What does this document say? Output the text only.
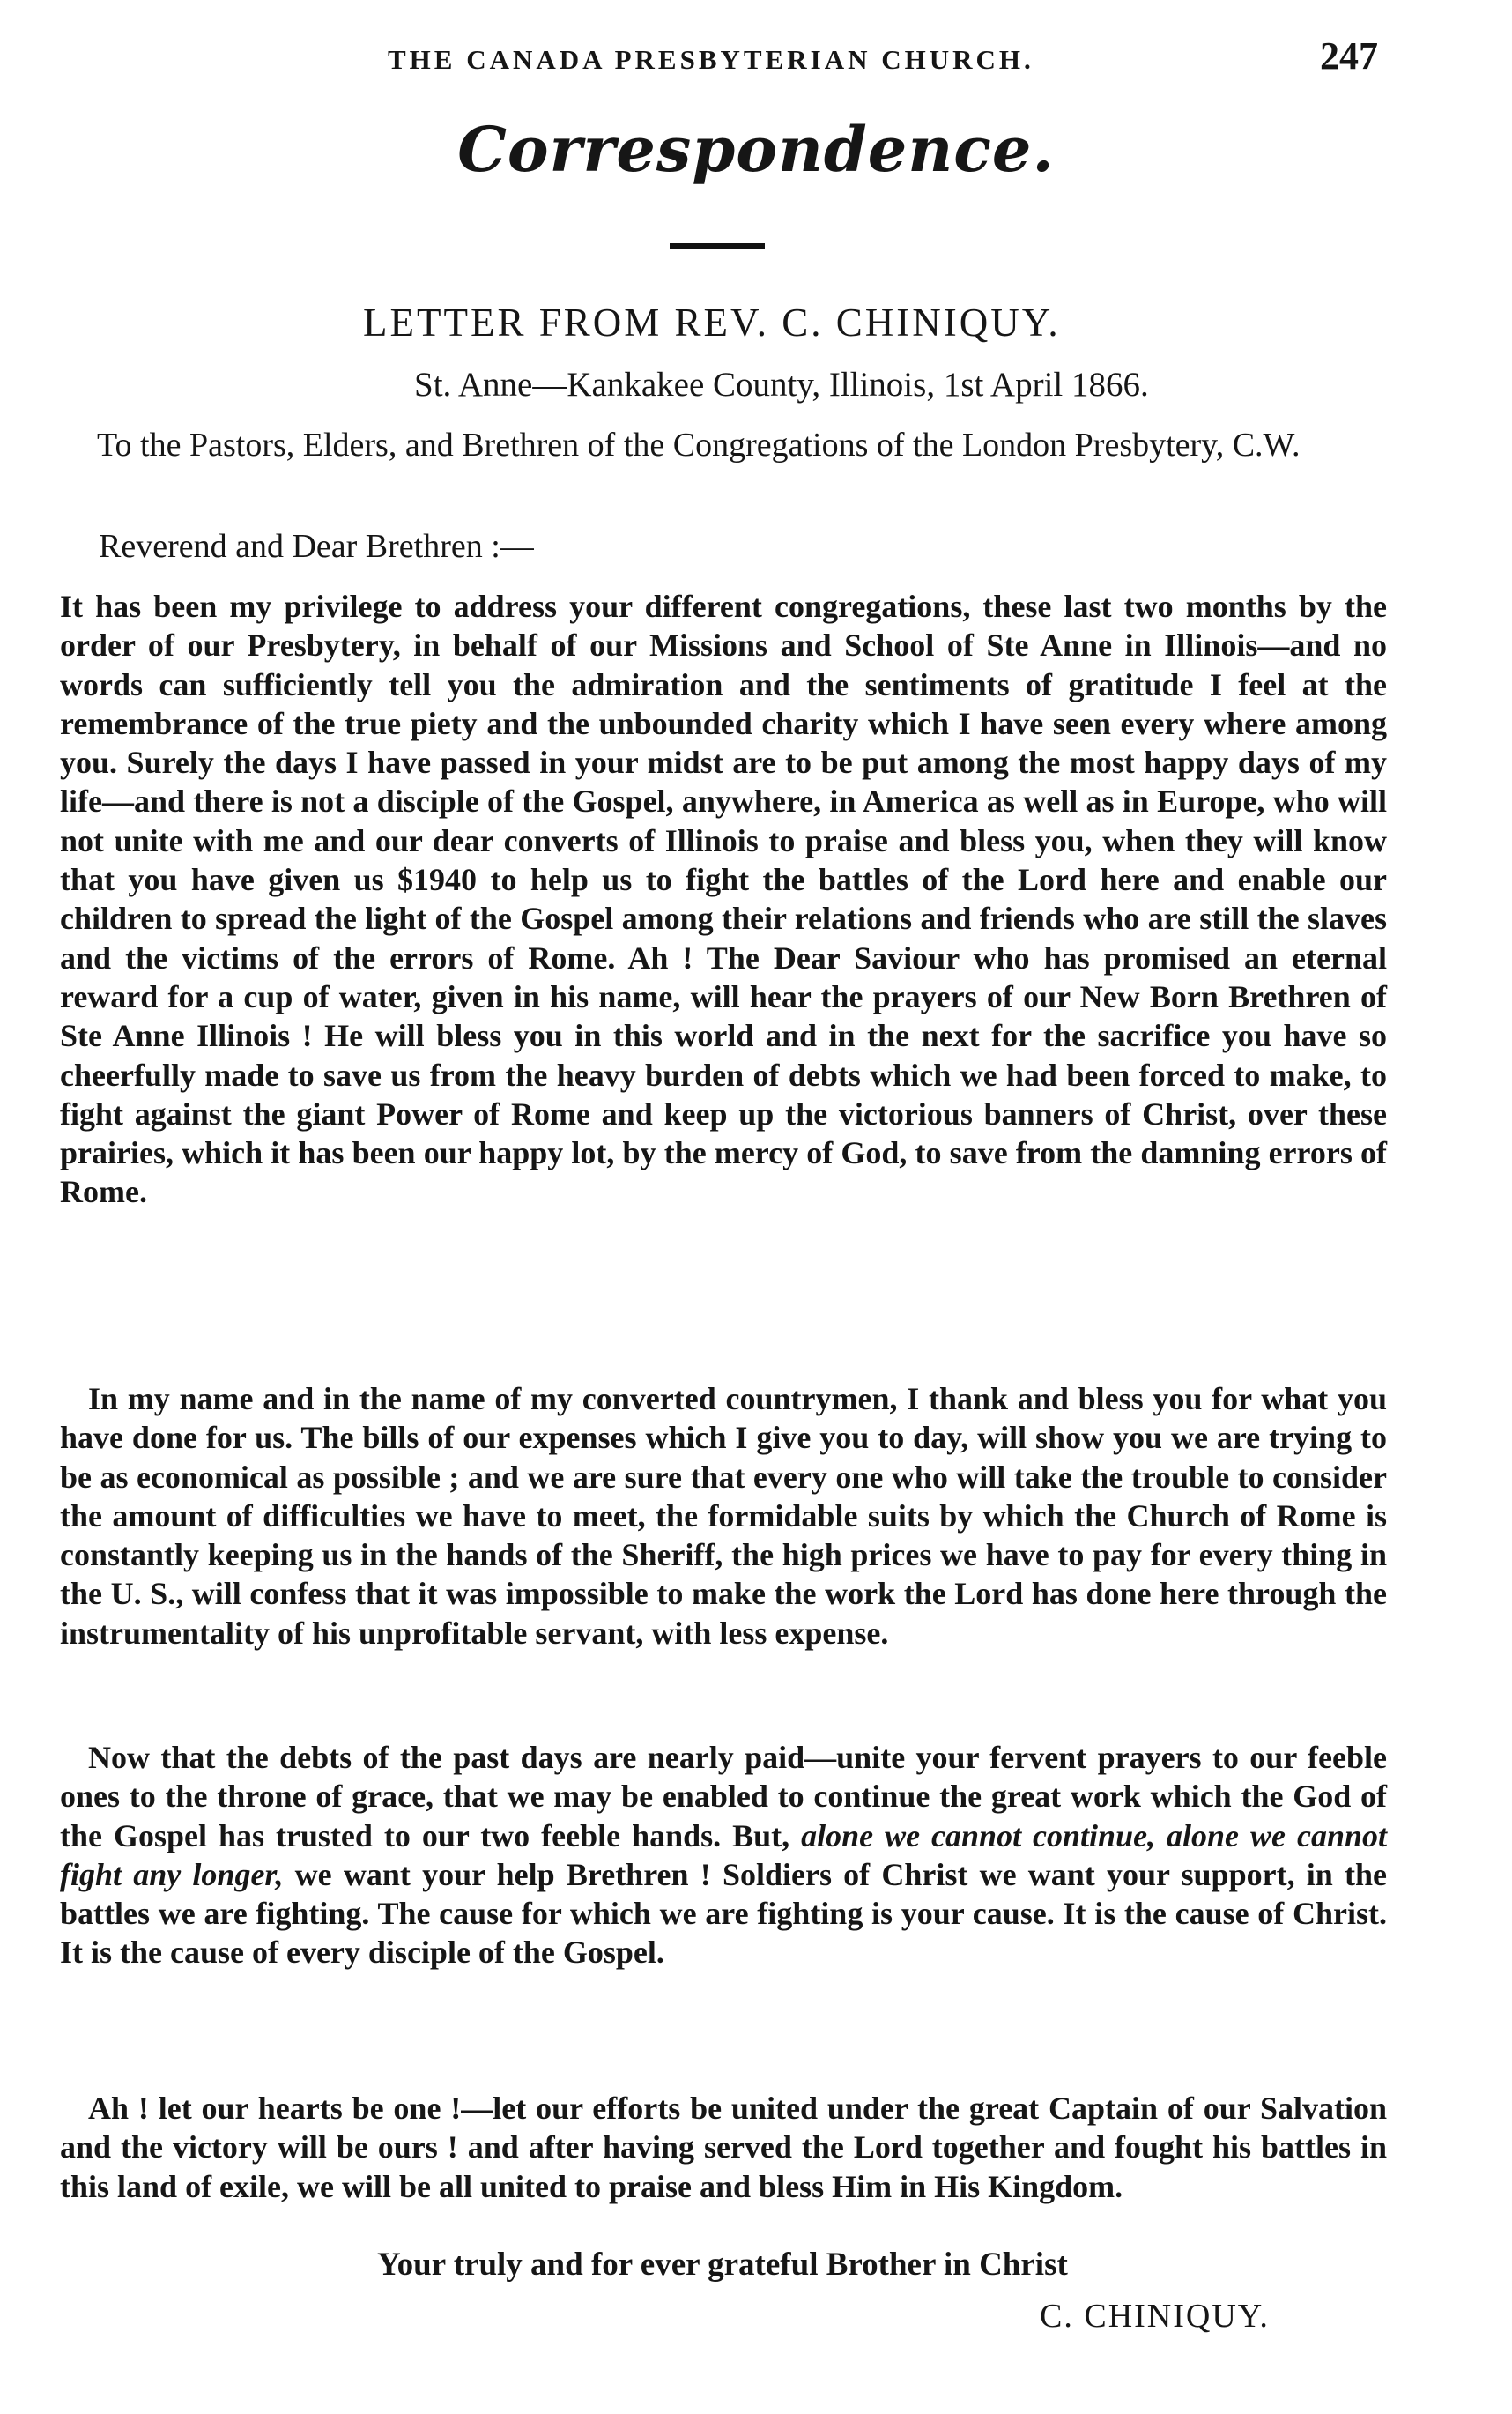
THE CANADA PRESBYTERIAN CHURCH.	247
Correspondence.
LETTER FROM REV. C. CHINIQUY.
St. Anne—Kankakee County, Illinois, 1st April 1866.
To the Pastors, Elders, and Brethren of the Congregations of the London Presbytery, C.W.
Reverend and Dear Brethren :—
It has been my privilege to address your different congregations, these last two months by the order of our Presbytery, in behalf of our Missions and School of Ste Anne in Illinois—and no words can sufficiently tell you the admiration and the sentiments of gratitude I feel at the remembrance of the true piety and the unbounded charity which I have seen every where among you. Surely the days I have passed in your midst are to be put among the most happy days of my life—and there is not a disciple of the Gospel, anywhere, in America as well as in Europe, who will not unite with me and our dear converts of Illinois to praise and bless you, when they will know that you have given us $1940 to help us to fight the battles of the Lord here and enable our children to spread the light of the Gospel among their relations and friends who are still the slaves and the victims of the errors of Rome. Ah ! The Dear Saviour who has promised an eternal reward for a cup of water, given in his name, will hear the prayers of our New Born Brethren of Ste Anne Illinois ! He will bless you in this world and in the next for the sacrifice you have so cheerfully made to save us from the heavy burden of debts which we had been forced to make, to fight against the giant Power of Rome and keep up the victorious banners of Christ, over these prairies, which it has been our happy lot, by the mercy of God, to save from the damning errors of Rome.
In my name and in the name of my converted countrymen, I thank and bless you for what you have done for us. The bills of our expenses which I give you to day, will show you we are trying to be as economical as possible ; and we are sure that every one who will take the trouble to consider the amount of difficulties we have to meet, the formidable suits by which the Church of Rome is constantly keeping us in the hands of the Sheriff, the high prices we have to pay for every thing in the U. S., will confess that it was impossible to make the work the Lord has done here through the instrumentality of his unprofitable servant, with less expense.
Now that the debts of the past days are nearly paid—unite your fervent prayers to our feeble ones to the throne of grace, that we may be enabled to continue the great work which the God of the Gospel has trusted to our two feeble hands. But, alone we cannot continue, alone we cannot fight any longer, we want your help Brethren ! Soldiers of Christ we want your support, in the battles we are fighting. The cause for which we are fighting is your cause. It is the cause of Christ. It is the cause of every disciple of the Gospel.
Ah ! let our hearts be one !—let our efforts be united under the great Captain of our Salvation and the victory will be ours ! and after having served the Lord together and fought his battles in this land of exile, we will be all united to praise and bless Him in His Kingdom.
Your truly and for ever grateful Brother in Christ
C. CHINIQUY.
